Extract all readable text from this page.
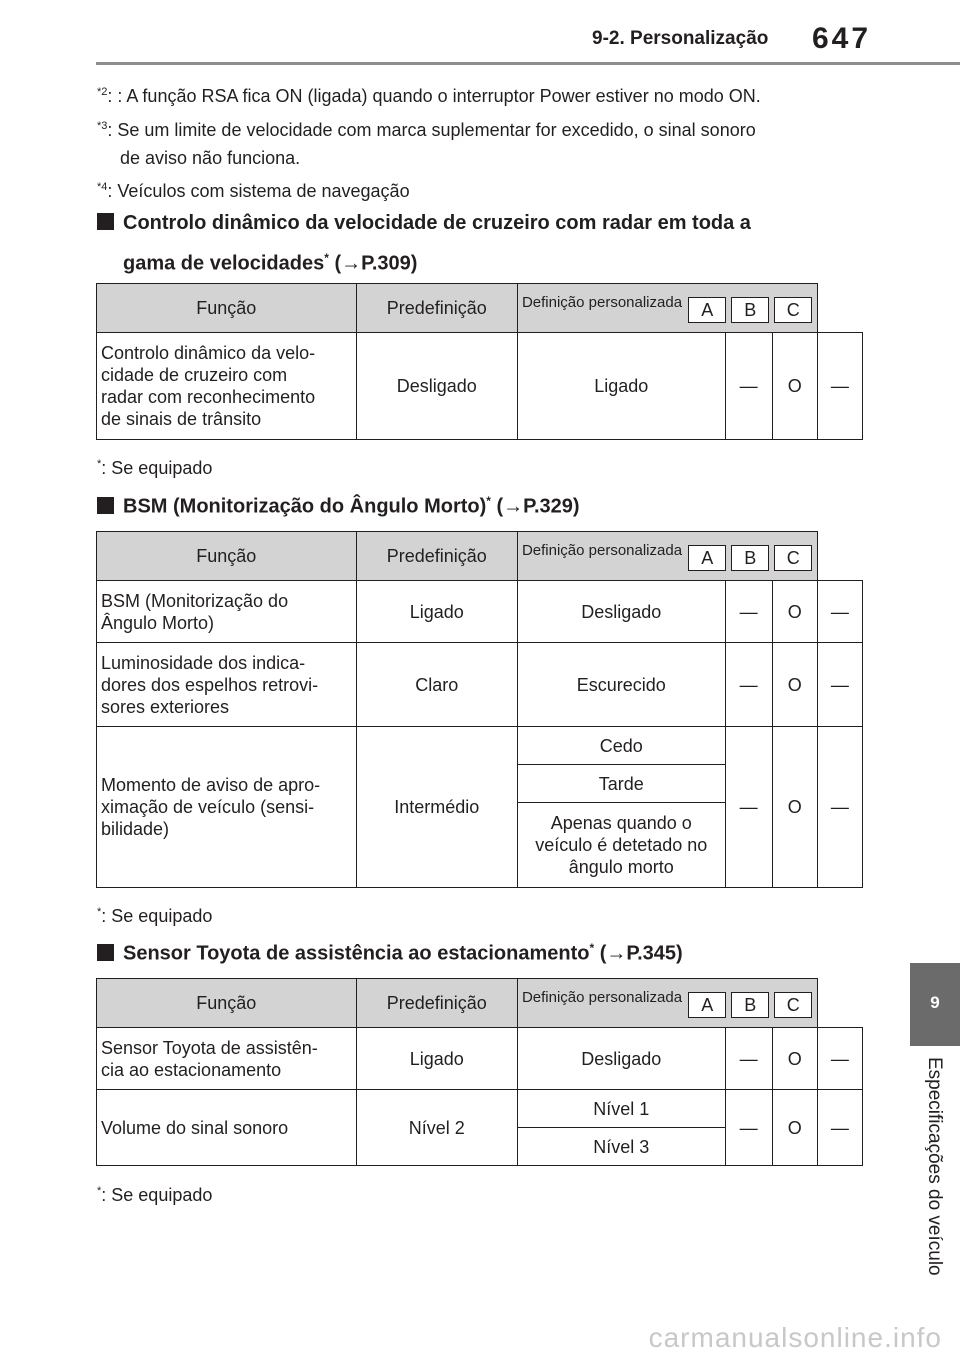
9-2. Personalização 647
9
Especificações do veículo
$^{*2}$: : A função RSA fica ON (ligada) quando o interruptor Power estiver no modo ON.
$^{*3}$: Se um limite de velocidade com marca suplementar for excedido, o sinal sonoro
de aviso não funciona.
$^{*4}$: Veículos com sistema de navegação
Controlo dinâmico da velocidade de cruzeiro com radar em toda a
gama de velocidades* (→P.309)
Função	Predefinição	Definição personalizada A B C			

Controlo dinâmico da velo-
cidade de cruzeiro com
radar com reconhecimento
de sinais de trânsito	Desligado	Ligado	—	O	—
*: Se equipado
BSM (Monitorização do Ângulo Morto)* (→P.329)
Função	Predefinição	Definição personalizada A B C			

BSM (Monitorização do
Ângulo Morto)	Ligado	Desligado	—	O	—
Luminosidade dos indica-
dores dos espelhos retrovi-
sores exteriores	Claro	Escurecido	—	O	—
Momento de aviso de apro-
ximação de veículo (sensi-
bilidade)	Intermédio	Cedo	—	O	—
		Tarde			
		Apenas quando o
veículo é detetado no
ângulo morto			
*: Se equipado
Sensor Toyota de assistência ao estacionamento* (→P.345)
Função	Predefinição	Definição personalizada A B C			

Sensor Toyota de assistên-
cia ao estacionamento	Ligado	Desligado	—	O	—
Volume do sinal sonoro	Nível 2	Nível 1	—	O	—
		Nível 3			
*: Se equipado
carmanualsonline.info
